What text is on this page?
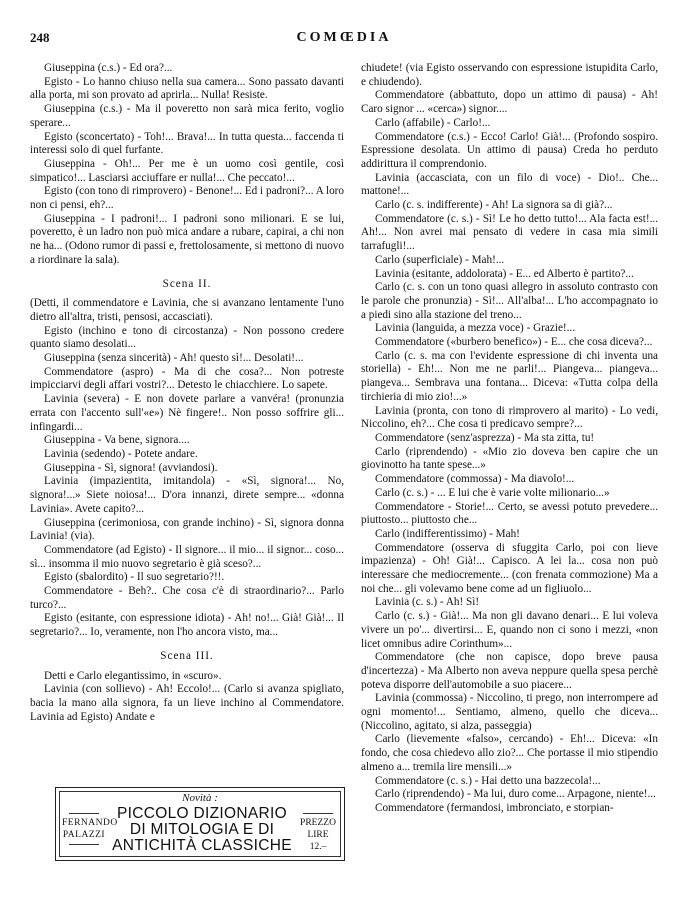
248	COMŒDIA

Giuseppina (c.s.) - Ed ora?...

Egisto - Lo hanno chiuso nella sua camera... Sono passato davanti alla porta, mi son provato ad aprirla... Nulla! Resiste.

Giuseppina (c.s.) - Ma il poveretto non sarà mica ferito, voglio sperare...

Egisto (sconcertato) - Toh!... Brava!... In tutta questa... faccenda ti interessi solo di quel furfante.

Giuseppina - Oh!... Per me è un uomo così gentile, così simpatico!... Lasciarsi acciuffare er nulla!... Che peccato!...

Egisto (con tono di rimprovero) - Benone!... Ed i padroni?... A loro non ci pensi, eh?...

Giuseppina - I padroni!... I padroni sono milionari. E se lui, poveretto, è un ladro non può mica andare a rubare, capirai, a chi non ne ha... (Odono rumor di passi e, frettolosamente, si mettono di nuovo a riordinare la sala).

Scena II.

(Detti, il commendatore e Lavinia, che si avanzano lentamente l'uno dietro all'altra, tristi, pensosi, accasciati).

Egisto (inchino e tono di circostanza) - Non possono credere quanto siamo desolati...

Giuseppina (senza sincerità) - Ah! questo sì!... Desolati!...

Commendatore (aspro) - Ma di che cosa?... Non potreste impicciarvi degli affari vostri?... Detesto le chiacchiere. Lo sapete.

Lavinia (severa) - E non dovete parlare a vanvéra! (pronunzia errata con l'accento sull'«e») Nè fingere!.. Non posso soffrire gli... infingardi...

Giuseppina - Va bene, signora....

Lavinia (sedendo) - Potete andare.

Giuseppina - Sì, signora! (avviandosi).

Lavinia (impazientita, imitandola) - «Sì, signora!... No, signora!...» Siete noiosa!... D'ora innanzi, direte sempre... «donna Lavinia». Avete capito?...

Giuseppina (cerimoniosa, con grande inchino) - Sì, signora donna Lavinia! (via).

Commendatore (ad Egisto) - Il signore... il mio... il signor... coso... sì... insomma il mio nuovo segretario è già sceso?...

Egisto (sbalordito) - Il suo segretario?!!.

Commendatore - Beh?.. Che cosa c'è di straordinario?... Parlo turco?...

Egisto (esitante, con espressione idiota) - Ah! no!... Già! Già!... Il segretario?... Io, veramente, non l'ho ancora visto, ma...

Scena III.

Detti e Carlo elegantissimo, in «scuro».

Lavinia (con sollievo) - Ah! Eccolo!... (Carlo si avanza spigliato, bacia la mano alla signora, fa un lieve inchino al Commendatore. Lavinia ad Egisto) Andate e

chiudete! (via Egisto osservando con espressione istupidita Carlo, e chiudendo).

Commendatore (abbattuto, dopo un attimo di pausa) - Ah! Caro signor ... «cerca») signor....

Carlo (affabile) - Carlo!...

Commendatore (c.s.) - Ecco! Carlo! Già!... (Profondo sospiro. Espressione desolata. Un attimo di pausa) Creda ho perduto addirittura il comprendonio.

Lavinia (accasciata, con un filo di voce) - Dio!.. Che... mattone!...

Carlo (c. s. indifferente) - Ah! La signora sa di già?...

Commendatore (c. s.) - Sì! Le ho detto tutto!... Ala facta est!... Ah!... Non avrei mai pensato di vedere in casa mia simili tarrafugli!...

Carlo (superficiale) - Mah!...

Lavinia (esitante, addolorata) - E... ed Alberto è partito?...

Carlo (c. s. con un tono quasi allegro in assoluto contrasto con le parole che pronunzia) - Sì!... All'alba!... L'ho accompagnato io a piedi sino alla stazione del treno...

Lavinia (languida, a mezza voce) - Grazie!...

Commendatore («burbero benefico») - E... che cosa diceva?...

Carlo (c. s. ma con l'evidente espressione di chi inventa una storiella) - Eh!... Non me ne parli!... Piangeva... piangeva... piangeva... Sembrava una fontana... Diceva: «Tutta colpa della tirchieria di mio zio!...»

Lavinia (pronta, con tono di rimprovero al marito) - Lo vedi, Niccolino, eh?... Che cosa ti predicavo sempre?...

Commendatore (senz'asprezza) - Ma sta zitta, tu!

Carlo (riprendendo) - «Mio zio doveva ben capire che un giovinotto ha tante spese...»

Commendatore (commossa) - Ma diavolo!...

Carlo (c. s.) - ... E lui che è varie volte milionario...»

Commendatore - Storie!... Certo, se avessi potuto prevedere... piuttosto... piuttosto che...

Carlo (indifferentissimo) - Mah!

Commendatore (osserva di sfuggita Carlo, poi con lieve impazienza) - Oh! Già!... Capisco. A lei la... cosa non può interessare che mediocremente... (con frenata commozione) Ma a noi che... gli volevamo bene come ad un figliuolo...

Lavinia (c. s.) - Ah! Sì!

Carlo (c. s.) - Già!... Ma non gli davano denari... E lui voleva vivere un po'... divertirsi... E, quando non ci sono i mezzi, «non licet omnibus adire Corinthum»...

Commendatore (che non capisce, dopo breve pausa d'incertezza) - Ma Alberto non aveva neppure quella spesa perchè poteva disporre dell'automobile a suo piacere...

Lavinia (commossa) - Niccolino, ti prego, non interrompere ad ogni momento!... Sentiamo, almeno, quello che diceva... (Niccolino, agitato, si alza, passeggia)

Carlo (lievemente «falso», cercando) - Eh!... Diceva: «In fondo, che cosa chiedevo allo zio?... Che portasse il mio stipendio almeno a... tremila lire mensili...»

Commendatore (c. s.) - Hai detto una bazzecola!...

Carlo (riprendendo) - Ma lui, duro come... Arpagone, niente!...

Commendatore (fermandosi, imbronciato, e storpian-

Novità :
FERNANDO
PALAZZI
PICCOLO DIZIONARIO
DI MITOLOGIA E DI
ANTICHITÀ CLASSICHE
PREZZO
LIRE 12.–
